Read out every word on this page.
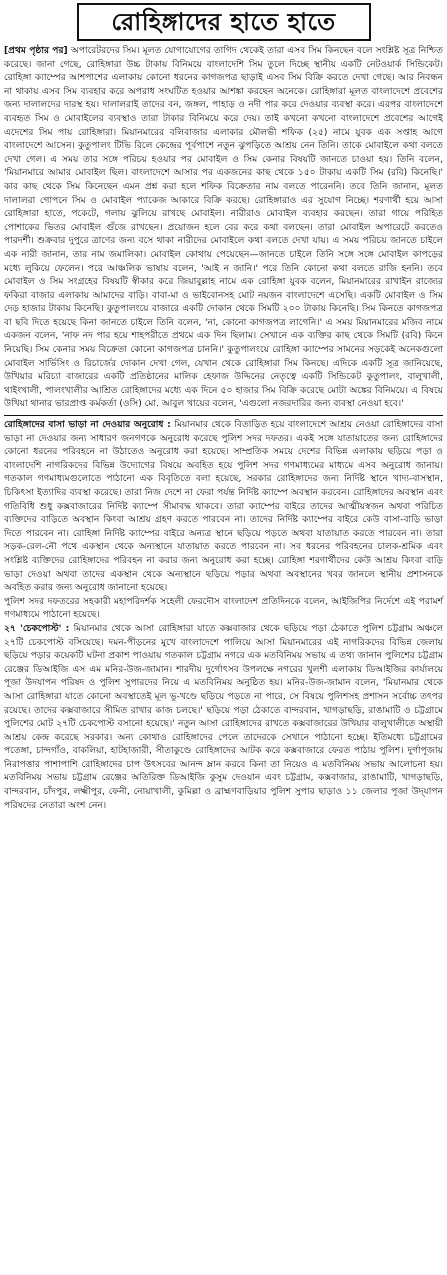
রোহিঙ্গাদের হাতে হাতে

[প্রথম পৃষ্ঠার পর] অপারেটরদের সিম। মূলত যোগাযোগের তাগিদ থেকেই তারা এসব সিম কিনছেন বলে সংশ্লিষ্ট সূত্র নিশ্চিত করেছে। জানা গেছে, রোহিঙ্গারা উচ্চ টাকায় বিনিময়ে বাংলাদেশি সিম তুলে দিচ্ছে স্থানীয় একটি নেটওয়ার্ক সিন্ডিকেট। রোহিঙ্গা ক্যাম্পের আশপাশের এলাকায় কোনো ধরনের কাগজপত্র ছাড়াই এসব সিম বিক্রি করতে দেখা গেছে। আর নিবন্ধন না থাকায় এসব সিম ব্যবহার করে অপরাধ সংঘটিত হওয়ার আশঙ্কা করছেন অনেকে। রোহিঙ্গারা মূলত বাংলাদেশে প্রবেশের জন্য দালালদের দারস্থ হয়। দালালরাই তাদের বন, জঙ্গল, পাহাড় ও নদী পার করে দেওয়ার ব্যবস্থা করে। এরপর বাংলাদেশে ব্যবহৃত সিম ও মোবাইলের ব্যবস্থাও তারা টাকার বিনিময়ে করে দেয়। তাই কখনো কখনো বাংলাদেশে প্রবেশের আগেই এদেশের সিম পায় রোহিঙ্গারা। মিয়ানমারের বলিবাজার এলাকার মৌলভী শফিক (২৫) নামে যুবক এক সপ্তাহ আগে বাংলাদেশে আসেন। কুতুপালং টিভি রিলে কেন্দ্রের পূর্বপাশে নতুন ঝুপড়িতে আশ্রয় নেন তিনি। তাকে মোবাইলে কথা বলতে দেখা গেল। এ সময় তার সঙ্গে পরিচয় হওয়ার পর মোবাইল ও সিম কেনার বিষয়টি জানতে চাওয়া হয়। তিনি বলেন, 'মিয়ানমারে আমার মোবাইল ছিল। বাংলাদেশে আসার পর একজনের কাছ থেকে ১৫০ টাকায় একটি সিম (রবি) কিনেছি।' কার কাছ থেকে সিম কিনেছেন এমন প্রশ্ন করা হলে শফিক বিক্রেতার নাম বলতে পারেননি। তবে তিনি জানান, মূলত দালালরা গোপনে সিম ও মোবাইল প্যাকেজ আকারে বিক্রি করছে। রোহিঙ্গারাও এর সুযোগ নিচ্ছে। শরণার্থী হয়ে আসা রোহিঙ্গারা হাতে, পকেটে, গলায় ঝুলিয়ে রাখছে মোবাইল। নারীরাও মোবাইল ব্যবহার করছেন। তারা গায়ে পরিহিত পোশাকের ভিতর মোবাইল গুঁজে রাখছেন। প্রয়োজন হলে বের করে কথা বলছেন। তারা মোবাইল অপারেটে করতেও পারদর্শী। শুক্রবার দুপুরে ত্রাণের জন্য বসে থাকা নারীদের মোবাইলে কথা বলতে দেখা যায়। এ সময় পরিচয় জানতে চাইলে এক নারী জানান, তার নাম জমালিকা। মোবাইল কোথায় পেয়েছেন—জানতে চাইলে তিনি সঙ্গে সঙ্গে মোবাইল কাপড়ের মধ্যে লুকিয়ে ফেলেন। পরে আঞ্চলিক ভাষায় বলেন, 'আই ন জানি।' পরে তিনি কোনো কথা বলতে রাজি হননি। তবে মোবাইল ও সিম সংগ্রহের বিষয়টি স্বীকার করে জিয়াবুল্লাহ নামে এক রোহিঙ্গা যুবক বলেন, মিয়ানমারের রাখাইন রাজ্যের ফকিরা বাজার এলাকায় আমাদের বাড়ি। বাবা-মা ও ভাইবোনসহ মোট নয়জন বাংলাদেশে এসেছি। একটি মোবাইল ও সিম দেড় হাজার টাকায় কিনেছি। কুতুপালংয়ে বাজারে একটি দোকান থেকে সিমটি ২০০ টাকায় কিনেছি। সিম কিনতে কাগজপত্র বা ছবি দিতে হয়েছে কিনা জানতে চাইলে তিনি বলেন, 'না, কোনো কাগজপত্র লাগেনি।' এ সময় মিয়ানমারের মজিব নামে একজন বলেন, 'নাফ নদ পার হয়ে শাহপরীতে প্রথমে এক দিন ছিলাম। সেখানে এক ব্যক্তির কাছ থেকে সিমটি (রবি) কিনে নিয়েছি। সিম কেনার সময় বিক্রেতা কোনো কাগজপত্র চাননি।' কুতুপালংয়ে রোহিঙ্গা ক্যাম্পের সামনের সড়কেই অনেকগুলো মোবাইল সার্ভিসিং ও রিচার্জের দোকান দেখা গেল, যেখান থেকে রোহিঙ্গারা সিম কিনছে। এদিকে একটি সূত্র জানিয়েছে, উখিয়ার মরিচ্যা বাজারের একটি প্রতিষ্ঠানের মালিক হেফাজ উদ্দিনের নেতৃত্বে একটি সিন্ডিকেট কুতুপালং, বালুখালী, থাইংখালী, পালংখালীর আশ্রিত রোহিঙ্গাদের মধ্যে এক দিনে ৫০ হাজার সিম বিক্রি করেছে মোটা অঙ্কের বিনিময়ে। এ বিষয়ে উখিয়া থানার ভারপ্রাপ্ত কর্মকর্তা (ওসি) মো. আবুল খায়ের বলেন, 'এগুলো নজরদারির জন্য ব্যবস্থা নেওয়া হবে।'

রোহিঙ্গাদের বাসা ভাড়া না দেওয়ার অনুরোধ : মিয়ানমার থেকে বিতাড়িত হয়ে বাংলাদেশে আশ্রয় নেওয়া রোহিঙ্গাদের বাসা ভাড়া না দেওয়ার জন্য সাধারণ জনগণকে অনুরোধ করেছে পুলিশ সদর দফতর। একই সঙ্গে যাতায়াতের জন্য রোহিঙ্গাদের কোনো ধরনের পরিবহনে না উঠাতেও অনুরোধ করা হয়েছে। সাম্প্রতিক সময়ে দেশের বিভিন্ন এলাকায় ছড়িয়ে পড়া ও বাংলাদেশি নাগরিকদের বিভিন্ন উদ্যোগের বিষয়ে অবহিত হয়ে পুলিশ সদর গণমাধ্যমের মাধ্যমে এসব অনুরোধ জানায়। গতকাল গণমাধ্যমগুলোতে পাঠানো এক বিবৃতিতে বলা হয়েছে, সরকার রোহিঙ্গাদের জন্য নির্দিষ্ট স্থানে খাদ্য-বাসস্থান, চিকিৎসা ইত্যাদির ব্যবস্থা করেছে। তারা নিজ দেশে না ফেরা পর্যন্ত নির্দিষ্ট ক্যাম্পে অবস্থান করবেন। রোহিঙ্গাদের অবস্থান এবং গতিবিধি শুধু কক্সবাজারের নির্দিষ্ট ক্যাম্পে সীমাবদ্ধ থাকবে। তারা ক্যাম্পের বাইরে তাদের আত্মীয়স্বজন অথবা পরিচিত ব্যক্তিদের বাড়িতে অবস্থান কিংবা আশ্রয় গ্রহণ করতে পারবেন না। তাদের নির্দিষ্ট ক্যাম্পের বাইরে কেউ বাসা-বাড়ি ভাড়া দিতে পারবেন না। রোহিঙ্গা নির্দিষ্ট ক্যাম্পের বাইরে অন্যত্র স্থানে ছড়িয়ে পড়তে অথবা যাতায়াত করতে পারবেন না। তারা সড়ক-রেল-নৌ পথে একস্থান থেকে অন্যস্থানে যাতায়াত করতে পারবেন না। সব ধরনের পরিবহনের চালক-শ্রমিক এবং সংশ্লিষ্ট ব্যক্তিদের রোহিঙ্গাদের পরিবহন না করার জন্য অনুরোধ করা হচ্ছে। রোহিঙ্গা শরণার্থীদের কেউ আশ্রয় কিংবা বাড়ি ভাড়া দেওয়া অথবা তাদের একস্থান থেকে অন্যস্থানে ছড়িয়ে পড়ার অথবা অবস্থানের খবর জানলে স্থানীয় প্রশাসনকে অবহিত করার জন্য অনুরোধ জানানো হয়েছে।

পুলিশ সদর দফতরের সহকারী মহাপরিদর্শক সহেলী ফেরদৌস বাংলাদেশ প্রতিদিনকে বলেন, আইজিপির নির্দেশে এই পরামর্শ গণমাধ্যমে পাঠানো হয়েছে।

২৭ 'চেকপোস্ট' : মিয়ানমার থেকে আসা রোহিঙ্গারা যাতে কক্সবাজার থেকে ছড়িয়ে পড়া ঠেকাতে পুলিশ চট্টগ্রাম অঞ্চলে ২৭টি চেকপোস্ট বসিয়েছে। দমন-পীড়নের মুখে বাংলাদেশে পালিয়ে আসা মিয়ানমারের এই নাগরিকদের বিভিন্ন জেলায় ছড়িয়ে পড়ার কয়েকটি ঘটনা প্রকাশ পাওয়ায় গতকাল চট্টগ্রাম নগরে এক মতবিনিময় সভায় এ তথ্য জানান পুলিশের চট্টগ্রাম রেঞ্জের ডিআইজি এস এম মনির-উজ-জামান। শারদীয় দুর্গোৎসব উপলক্ষে নগরের খুলশী এলাকায় ডিআইজির কার্যালয়ে পূজা উদযাপন পরিষদ ও পুলিশ সুপারদের নিয়ে এ মতবিনিময় অনুষ্ঠিত হয়। মনির-উজ-জামান বলেন, 'মিয়ানমার থেকে আসা রোহিঙ্গারা যাতে কোনো অবস্থাতেই মূল ভূ-খণ্ডে ছড়িয়ে পড়তে না পারে, সে বিষয়ে পুলিশসহ প্রশাসন সর্বোচ্চ তৎপর রয়েছে। তাদের কক্সবাজারে সীমিত রাখার কাজ চলছে।' ছড়িয়ে পড়া ঠেকাতে বান্দরবান, খাগড়াছড়ি, রাঙামাটি ও চট্টগ্রামে পুলিশের মোট ২৭টি চেকপোস্ট বসানো হয়েছে।' নতুন আসা রোহিঙ্গাদের রাখতে কক্সবাজারের উখিয়ার বালুখালীতে অস্থায়ী আশ্রয় কেন্দ্র করেছে সরকার। অন্য কোথাও রোহিঙ্গাদের পেলে তাদেরকে সেখানে পাঠানো হচ্ছে। ইতিমধ্যে চট্টগ্রামের পতেঙ্গা, চান্দগাঁও, বাকলিয়া, হাটহাজারী, সীতাকুণ্ডে রোহিঙ্গাদের আটক করে কক্সবাজারে ফেরত পাঠায় পুলিশ। দুর্গাপূজায় নিরাপত্তার পাশাপাশি রোহিঙ্গাদের চাপ উৎসবের আনন্দ ম্লান করবে কিনা তা নিয়েও এ মতবিনিময় সভায় আলোচনা হয়। মতবিনিময় সভায় চট্টগ্রাম রেঞ্জের অতিরিক্ত ডিআইজি কুসুম দেওয়ান এবং চট্টগ্রাম, কক্সবাজার, রাঙামাটি, খাগড়াছড়ি, বান্দরবান, চাঁদপুর, লক্ষ্মীপুর, ফেনী, নোয়াখালী, কুমিল্লা ও ব্রাহ্মণবাড়িয়ার পুলিশ সুপার ছাড়াও ১১ জেলার পূজা উদ্‌যাপন পরিষদের নেতারা অংশ নেন।
